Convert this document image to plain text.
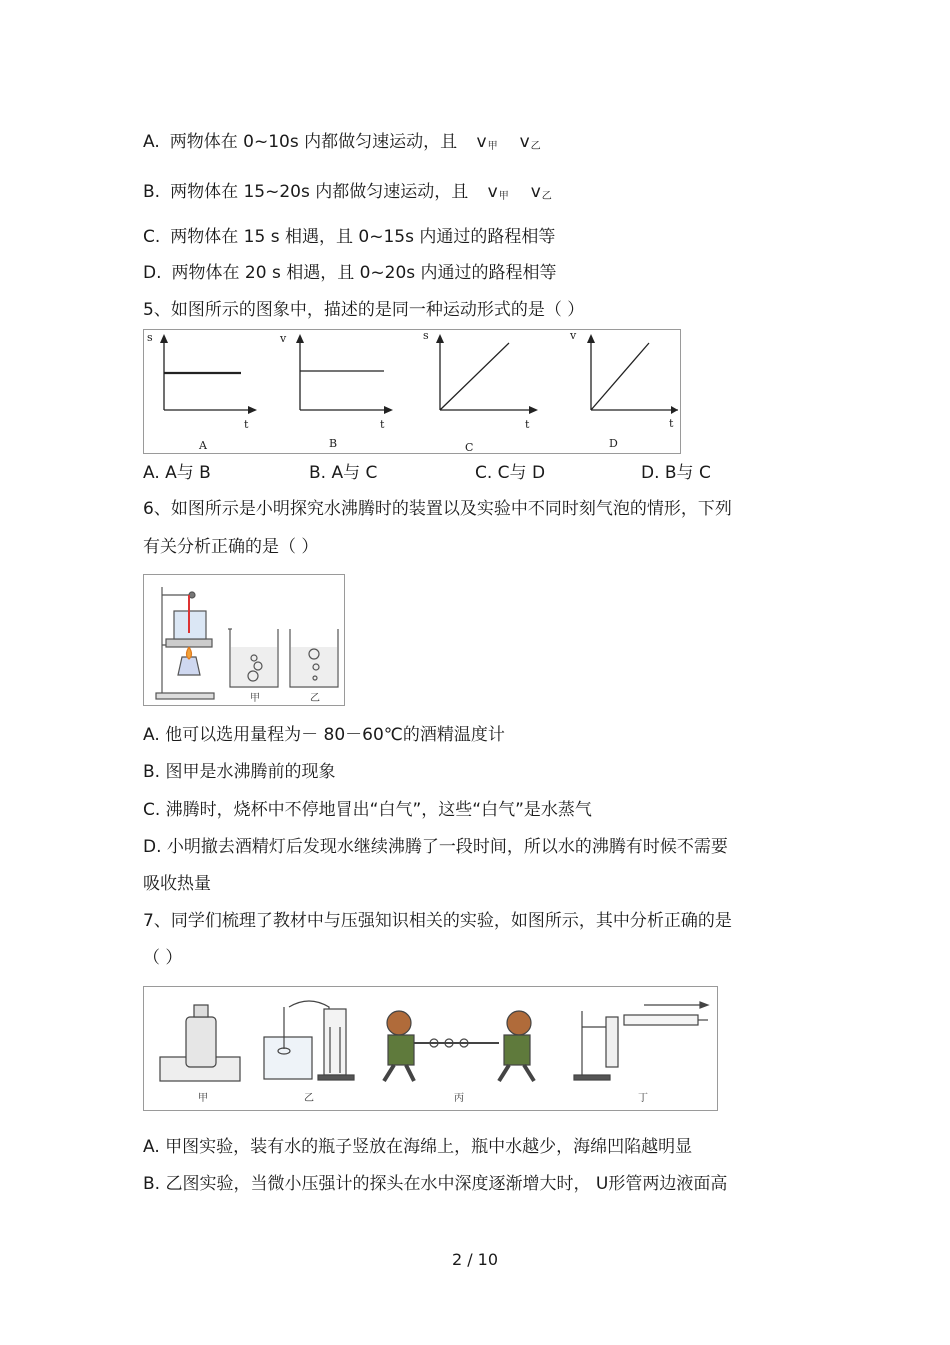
A. 两物体在 0~10s 内都做匀速运动，且 $v_甲$ $v_乙$
B. 两物体在 15~20s 内都做匀速运动，且 $v_甲$ $v_乙$
C. 两物体在 15 s 相遇，且 0~15s 内通过的路程相等
D. 两物体在 20 s 相遇，且 0~20s 内通过的路程相等
5、如图所示的图象中，描述的是同一种运动形式的是（ ）
s
t
A
v
t
B
s
t
C
v
t
D
A. A与 B	B. A与 C	C. C与 D	D. B与 C
6、如图所示是小明探究水沸腾时的装置以及实验中不同时刻气泡的情形，下列
有关分析正确的是（ ）
甲	乙
A. 他可以选用量程为－ 80－60℃的酒精温度计
B. 图甲是水沸腾前的现象
C. 沸腾时，烧杯中不停地冒出“白气”，这些“白气”是水蒸气
D. 小明撤去酒精灯后发现水继续沸腾了一段时间，所以水的沸腾有时候不需要
吸收热量
7、同学们梳理了教材中与压强知识相关的实验，如图所示，其中分析正确的是
（ ）
甲	乙	丙	丁
A. 甲图实验，装有水的瓶子竖放在海绵上，瓶中水越少，海绵凹陷越明显
B. 乙图实验，当微小压强计的探头在水中深度逐渐增大时， U形管两边液面高
2 / 10
